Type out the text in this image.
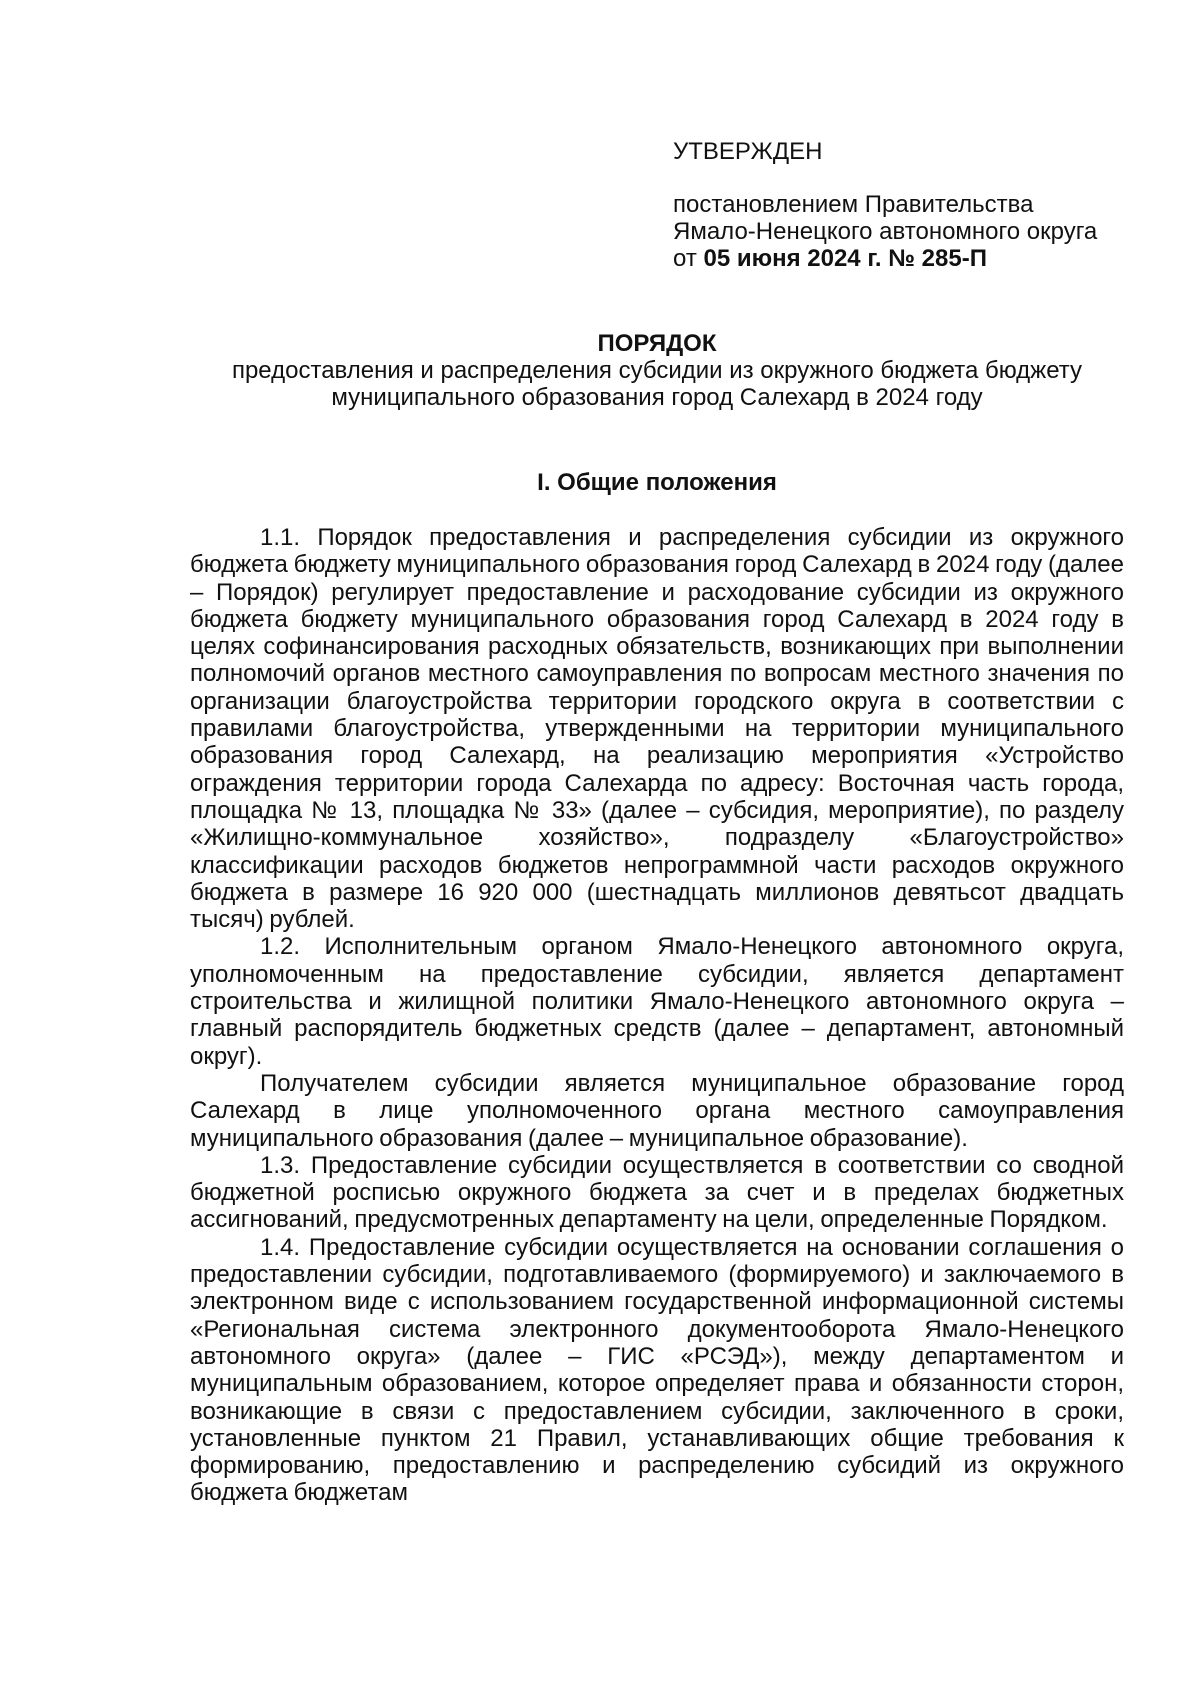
УТВЕРЖДЕН
постановлением Правительства
Ямало-Ненецкого автономного округа
от 05 июня 2024 г. № 285-П
ПОРЯДОК
предоставления и распределения субсидии из окружного бюджета бюджету
муниципального образования город Салехард в 2024 году
I. Общие положения

1.1. Порядок предоставления и распределения субсидии из окружного бюджета бюджету муниципального образования город Салехард в 2024 году (далее – Порядок) регулирует предоставление и расходование субсидии из окружного бюджета бюджету муниципального образования город Салехард в 2024 году в целях софинансирования расходных обязательств, возникающих при выполнении полномочий органов местного самоуправления по вопросам местного значения по организации благоустройства территории городского округа в соответствии с правилами благоустройства, утвержденными на территории муниципального образования город Салехард, на реализацию мероприятия «Устройство ограждения территории города Салехарда по адресу: Восточная часть города, площадка № 13, площадка № 33» (далее – субсидия, мероприятие), по разделу «Жилищно-коммунальное хозяйство», подразделу «Благоустройство» классификации расходов бюджетов непрограммной части расходов окружного бюджета в размере 16 920 000 (шестнадцать миллионов девятьсот двадцать тысяч) рублей.

1.2. Исполнительным органом Ямало-Ненецкого автономного округа, уполномоченным на предоставление субсидии, является департамент строительства и жилищной политики Ямало-Ненецкого автономного округа – главный распорядитель бюджетных средств (далее – департамент, автономный округ).

Получателем субсидии является муниципальное образование город Салехард в лице уполномоченного органа местного самоуправления муниципального образования (далее – муниципальное образование).

1.3. Предоставление субсидии осуществляется в соответствии со сводной бюджетной росписью окружного бюджета за счет и в пределах бюджетных ассигнований, предусмотренных департаменту на цели, определенные Порядком.

1.4. Предоставление субсидии осуществляется на основании соглашения о предоставлении субсидии, подготавливаемого (формируемого) и заключаемого в электронном виде с использованием государственной информационной системы «Региональная система электронного документооборота Ямало-Ненецкого автономного округа» (далее – ГИС «РСЭД»), между департаментом и муниципальным образованием, которое определяет права и обязанности сторон, возникающие в связи с предоставлением субсидии, заключенного в сроки, установленные пунктом 21 Правил, устанавливающих общие требования к формированию, предоставлению и распределению субсидий из окружного бюджета бюджетам
